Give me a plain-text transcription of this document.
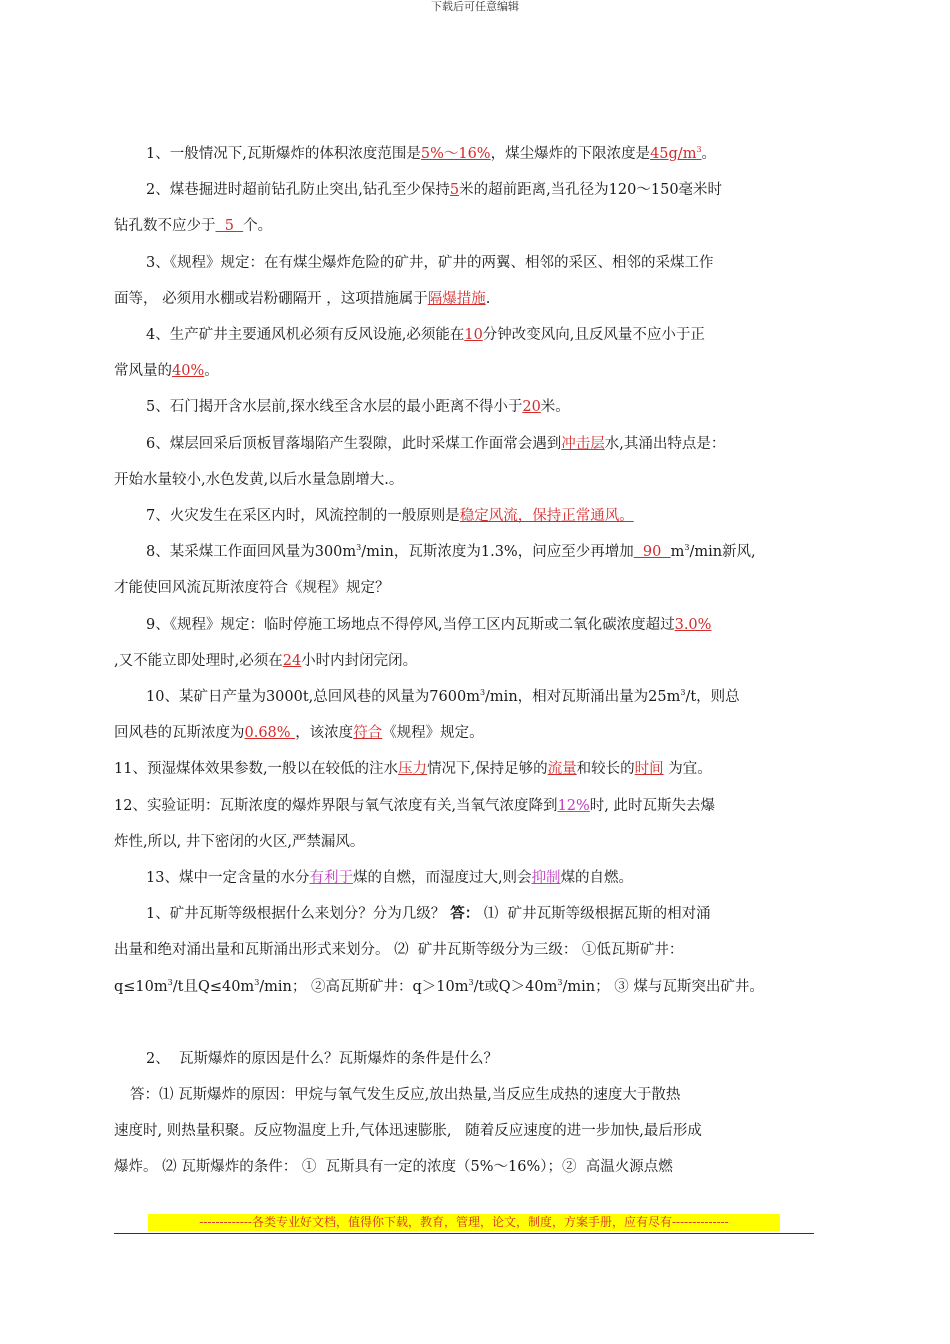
下载后可任意编辑

1、一般情况下,瓦斯爆炸的体积浓度范围是5%～16%，煤尘爆炸的下限浓度是$45g/m^3$。

2、煤巷掘进时超前钻孔防止突出,钻孔至少保持5米的超前距离,当孔径为120～150毫米时

钻孔数不应少于  5  个。

3、《规程》规定：在有煤尘爆炸危险的矿井，矿井的两翼、相邻的采区、相邻的采煤工作

面等， 必须用水棚或岩粉硼隔开 ，这项措施属于隔爆措施.

4、生产矿井主要通风机必须有反风设施,必须能在10分钟改变风向,且反风量不应小于正

常风量的40%。

5、石门揭开含水层前,探水线至含水层的最小距离不得小于20米。

6、煤层回采后顶板冒落塌陷产生裂隙，此时采煤工作面常会遇到冲击层水,其涌出特点是：

开始水量较小,水色发黄,以后水量急剧增大.。

7、火灾发生在采区内时，风流控制的一般原则是稳定风流，保持正常通风。

8、某采煤工作面回风量为$300m^3/\min$，瓦斯浓度为1.3%，问应至少再增加  90  $m^3/\min$新风,

才能使回风流瓦斯浓度符合《规程》规定？

9、《规程》规定：临时停施工场地点不得停风,当停工区内瓦斯或二氧化碳浓度超过3.0%

,又不能立即处理时,必须在24小时内封闭完闭。

10、某矿日产量为3000t,总回风巷的风量为$7600m^3/\min$，相对瓦斯涌出量为$25m^3/t$，则总

回风巷的瓦斯浓度为0.68% ，该浓度符合《规程》规定。

11、预湿煤体效果参数,一般以在较低的注水压力情况下,保持足够的流量和较长的时间 为宜。

12、实验证明：瓦斯浓度的爆炸界限与氧气浓度有关,当氧气浓度降到12%时, 此时瓦斯失去爆

炸性,所以, 井下密闭的火区,严禁漏风。

13、煤中一定含量的水分有利于煤的自燃，而湿度过大,则会抑制煤的自燃。

1、矿井瓦斯等级根据什么来划分？分为几级？ 答： ⑴  矿井瓦斯等级根据瓦斯的相对涌

出量和绝对涌出量和瓦斯涌出形式来划分。 ⑵  矿井瓦斯等级分为三级： ①低瓦斯矿井：

$q\le 10m^3/t$且$Q\le 40m^3/\min$； ②高瓦斯矿井：$q>10m^3/t$或$Q>40m^3/\min$； ③ 煤与瓦斯突出矿井。

2、  瓦斯爆炸的原因是什么？瓦斯爆炸的条件是什么？

答：⑴ 瓦斯爆炸的原因：甲烷与氧气发生反应,放出热量,当反应生成热的速度大于散热

速度时, 则热量积聚。反应物温度上升,气体迅速膨胀,   随着反应速度的进一步加快,最后形成

爆炸。 ⑵ 瓦斯爆炸的条件： ①  瓦斯具有一定的浓度（5%～16%）；②  高温火源点燃

-------------各类专业好文档，值得你下载，教育，管理，论文，制度，方案手册，应有尽有--------------
